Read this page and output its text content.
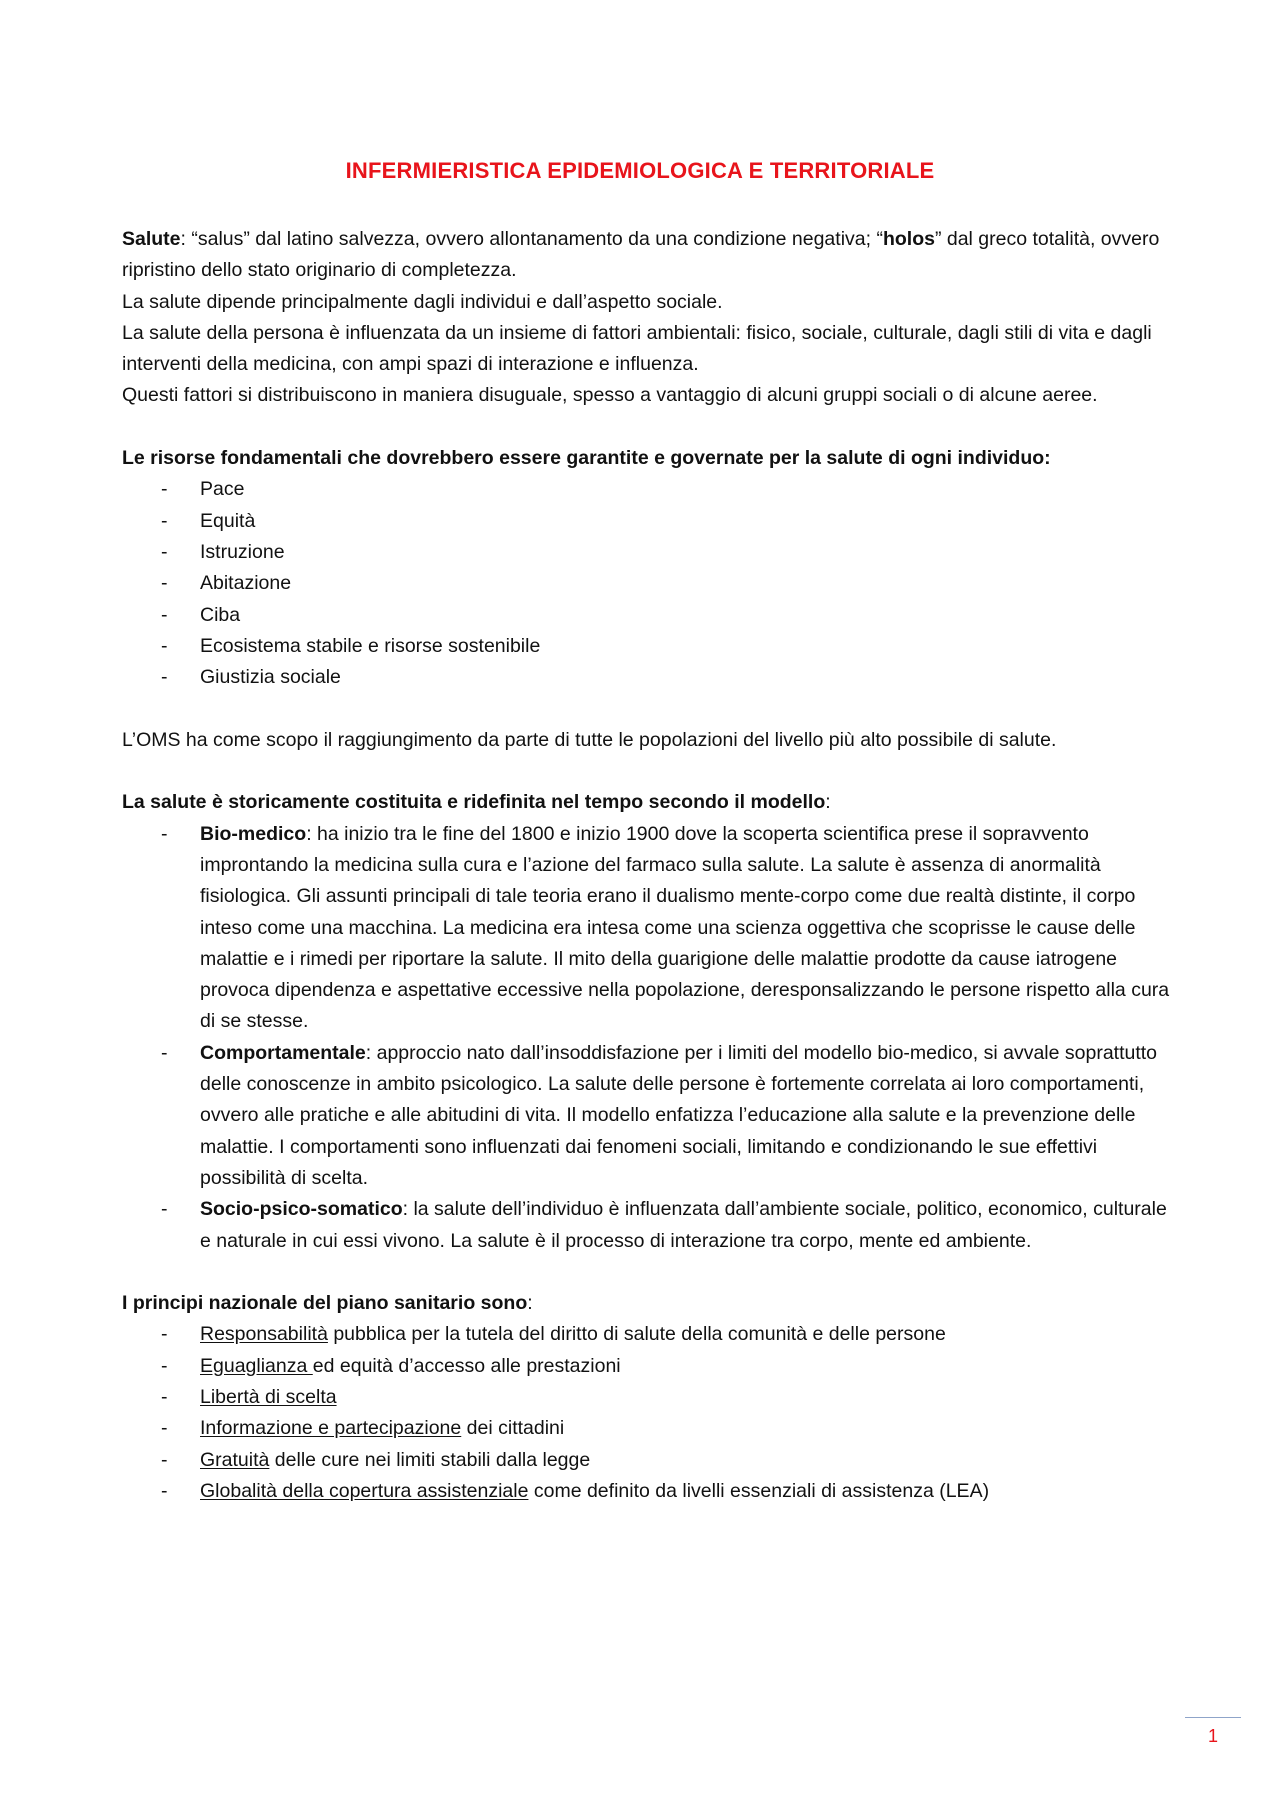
INFERMIERISTICA EPIDEMIOLOGICA E TERRITORIALE

Salute: “salus” dal latino salvezza, ovvero allontanamento da una condizione negativa; “holos” dal greco totalità, ovvero ripristino dello stato originario di completezza.

La salute dipende principalmente dagli individui e dall’aspetto sociale.

La salute della persona è influenzata da un insieme di fattori ambientali: fisico, sociale, culturale, dagli stili di vita e dagli interventi della medicina, con ampi spazi di interazione e influenza.

Questi fattori si distribuiscono in maniera disuguale, spesso a vantaggio di alcuni gruppi sociali o di alcune aeree.

Le risorse fondamentali che dovrebbero essere garantite e governate per la salute di ogni individuo:

- Pace
- Equità
- Istruzione
- Abitazione
- Ciba
- Ecosistema stabile e risorse sostenibile
- Giustizia sociale

L’OMS ha come scopo il raggiungimento da parte di tutte le popolazioni del livello più alto possibile di salute.

La salute è storicamente costituita e ridefinita nel tempo secondo il modello:

- Bio-medico: ha inizio tra le fine del 1800 e inizio 1900 dove la scoperta scientifica prese il sopravvento improntando la medicina sulla cura e l’azione del farmaco sulla salute. La salute è assenza di anormalità fisiologica. Gli assunti principali di tale teoria erano il dualismo mente-corpo come due realtà distinte, il corpo inteso come una macchina. La medicina era intesa come una scienza oggettiva che scoprisse le cause delle malattie e i rimedi per riportare la salute. Il mito della guarigione delle malattie prodotte da cause iatrogene provoca dipendenza e aspettative eccessive nella popolazione, deresponsalizzando le persone rispetto alla cura di se stesse.
- Comportamentale: approccio nato dall’insoddisfazione per i limiti del modello bio-medico, si avvale soprattutto delle conoscenze in ambito psicologico. La salute delle persone è fortemente correlata ai loro comportamenti, ovvero alle pratiche e alle abitudini di vita. Il modello enfatizza l’educazione alla salute e la prevenzione delle malattie. I comportamenti sono influenzati dai fenomeni sociali, limitando e condizionando le sue effettivi possibilità di scelta.
- Socio-psico-somatico: la salute dell’individuo è influenzata dall’ambiente sociale, politico, economico, culturale e naturale in cui essi vivono. La salute è il processo di interazione tra corpo, mente ed ambiente.

I principi nazionale del piano sanitario sono:

- Responsabilità pubblica per la tutela del diritto di salute della comunità e delle persone
- Eguaglianza ed equità d’accesso alle prestazioni
- Libertà di scelta
- Informazione e partecipazione dei cittadini
- Gratuità delle cure nei limiti stabili dalla legge
- Globalità della copertura assistenziale come definito da livelli essenziali di assistenza (LEA)
1
